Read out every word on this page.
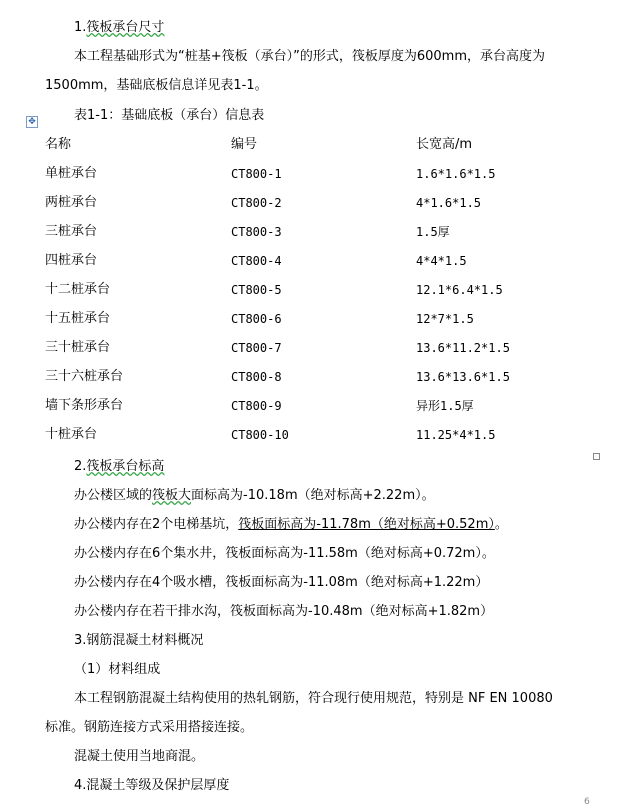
1.筏板承台尺寸
本工程基础形式为“桩基+筏板（承台）”的形式，筏板厚度为600mm，承台高度为
1500mm，基础底板信息详见表1-1。
✥	表1-1：基础底板（承台）信息表
名称	编号	长宽高/m
单桩承台	CT800-1	1.6*1.6*1.5
两桩承台	CT800-2	4*1.6*1.5
三桩承台	CT800-3	1.5厚
四桩承台	CT800-4	4*4*1.5
十二桩承台	CT800-5	12.1*6.4*1.5
十五桩承台	CT800-6	12*7*1.5
三十桩承台	CT800-7	13.6*11.2*1.5
三十六桩承台	CT800-8	13.6*13.6*1.5
墙下条形承台	CT800-9	异形1.5厚
十桩承台	CT800-10	11.25*4*1.5
2.筏板承台标高
办公楼区域的筏板大面标高为-10.18m（绝对标高+2.22m）。
办公楼内存在2个电梯基坑，筏板面标高为-11.78m（绝对标高+0.52m）。
办公楼内存在6个集水井，筏板面标高为-11.58m（绝对标高+0.72m）。
办公楼内存在4个吸水槽，筏板面标高为-11.08m（绝对标高+1.22m）
办公楼内存在若干排水沟，筏板面标高为-10.48m（绝对标高+1.82m）
3.钢筋混凝土材料概况
（1）材料组成
本工程钢筋混凝土结构使用的热轧钢筋，符合现行使用规范，特别是 NF EN 10080
标准。钢筋连接方式采用搭接连接。
混凝土使用当地商混。
4.混凝土等级及保护层厚度
6
